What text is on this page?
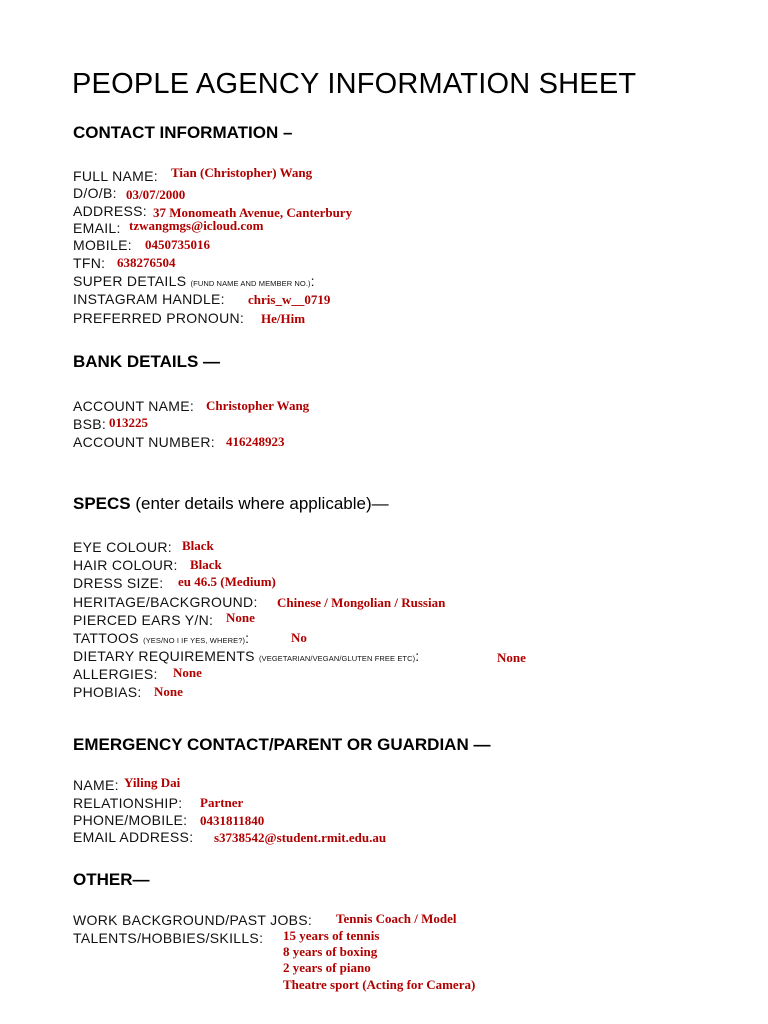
PEOPLE AGENCY INFORMATION SHEET
CONTACT INFORMATION –
FULL NAME: Tian (Christopher) Wang
D/O/B: 03/07/2000
ADDRESS: 37 Monomeath Avenue, Canterbury
EMAIL: tzwangmgs@icloud.com
MOBILE: 0450735016
TFN: 638276504
SUPER DETAILS (FUND NAME AND MEMBER NO.):
INSTAGRAM HANDLE: chris_w__0719
PREFERRED PRONOUN: He/Him
BANK DETAILS —
ACCOUNT NAME: Christopher Wang
BSB: 013225
ACCOUNT NUMBER: 416248923
SPECS (enter details where applicable)—
EYE COLOUR: Black
HAIR COLOUR: Black
DRESS SIZE: eu 46.5 (Medium)
HERITAGE/BACKGROUND: Chinese / Mongolian / Russian
PIERCED EARS Y/N: None
TATTOOS (YES/NO I IF YES, WHERE?):	No
DIETARY REQUIREMENTS (VEGETARIAN/VEGAN/GLUTEN FREE ETC):	None
ALLERGIES: None
PHOBIAS: None
EMERGENCY CONTACT/PARENT OR GUARDIAN —
NAME: Yiling Dai
RELATIONSHIP: Partner
PHONE/MOBILE: 0431811840
EMAIL ADDRESS: s3738542@student.rmit.edu.au
OTHER—
WORK BACKGROUND/PAST JOBS: Tennis Coach / Model
TALENTS/HOBBIES/SKILLS: 15 years of tennis
8 years of boxing
2 years of piano
Theatre sport (Acting for Camera)
